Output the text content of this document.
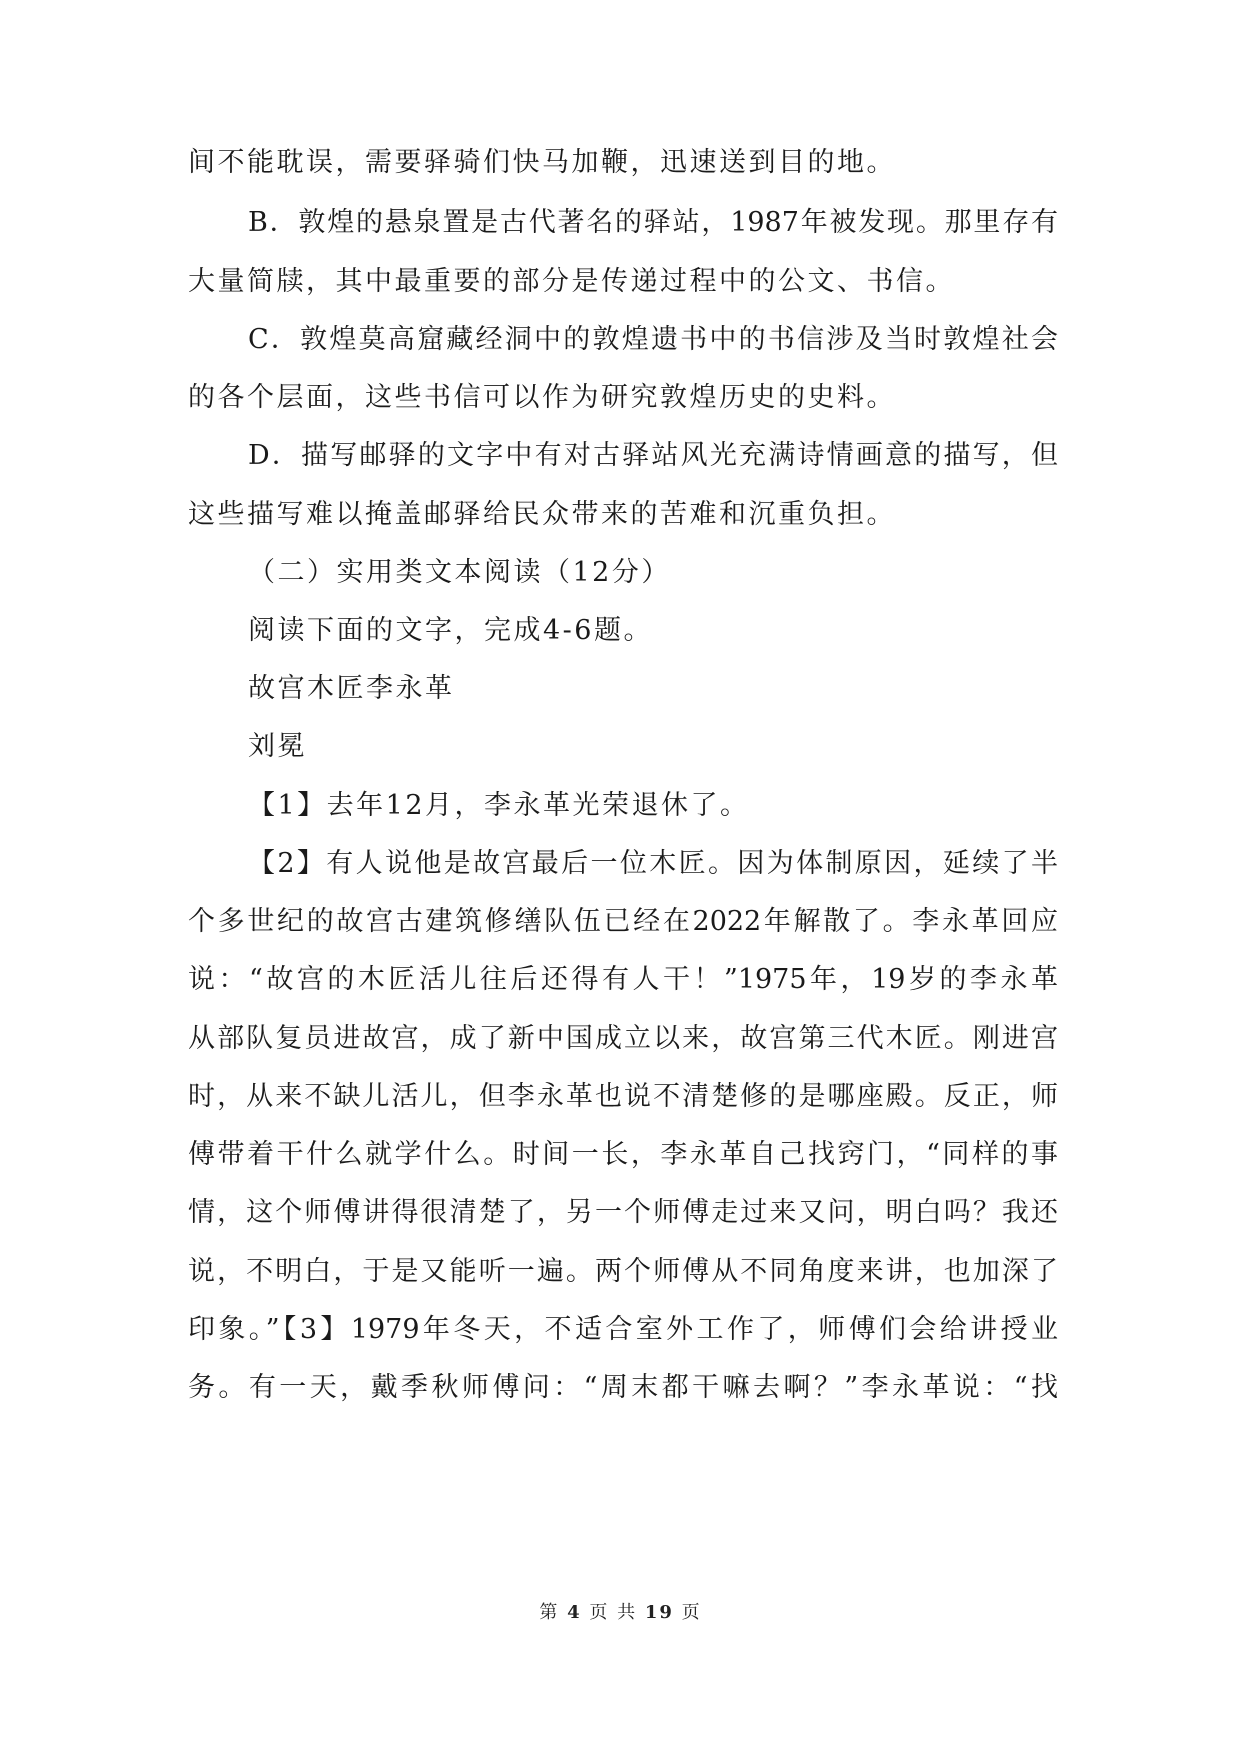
间不能耽误，需要驿骑们快马加鞭，迅速送到目的地。
B．敦煌的悬泉置是古代著名的驿站，1987年被发现。那里存有
大量简牍，其中最重要的部分是传递过程中的公文、书信。
C．敦煌莫高窟藏经洞中的敦煌遗书中的书信涉及当时敦煌社会
的各个层面，这些书信可以作为研究敦煌历史的史料。
D．描写邮驿的文字中有对古驿站风光充满诗情画意的描写，但
这些描写难以掩盖邮驿给民众带来的苦难和沉重负担。
（二）实用类文本阅读（12分）
阅读下面的文字，完成4-6题。
故宫木匠李永革
刘冕
【1】去年12月，李永革光荣退休了。
【2】有人说他是故宫最后一位木匠。因为体制原因，延续了半
个多世纪的故宫古建筑修缮队伍已经在2022年解散了。李永革回应
说：“故宫的木匠活儿往后还得有人干！”1975年，19岁的李永革
从部队复员进故宫，成了新中国成立以来，故宫第三代木匠。刚进宫
时，从来不缺儿活儿，但李永革也说不清楚修的是哪座殿。反正，师
傅带着干什么就学什么。时间一长，李永革自己找窍门，“同样的事
情，这个师傅讲得很清楚了，另一个师傅走过来又问，明白吗？我还
说，不明白，于是又能听一遍。两个师傅从不同角度来讲，也加深了
印象。”【3】1979年冬天，不适合室外工作了，师傅们会给讲授业
务。有一天，戴季秋师傅问：“周末都干嘛去啊？”李永革说：“找
第 4 页 共 19 页
